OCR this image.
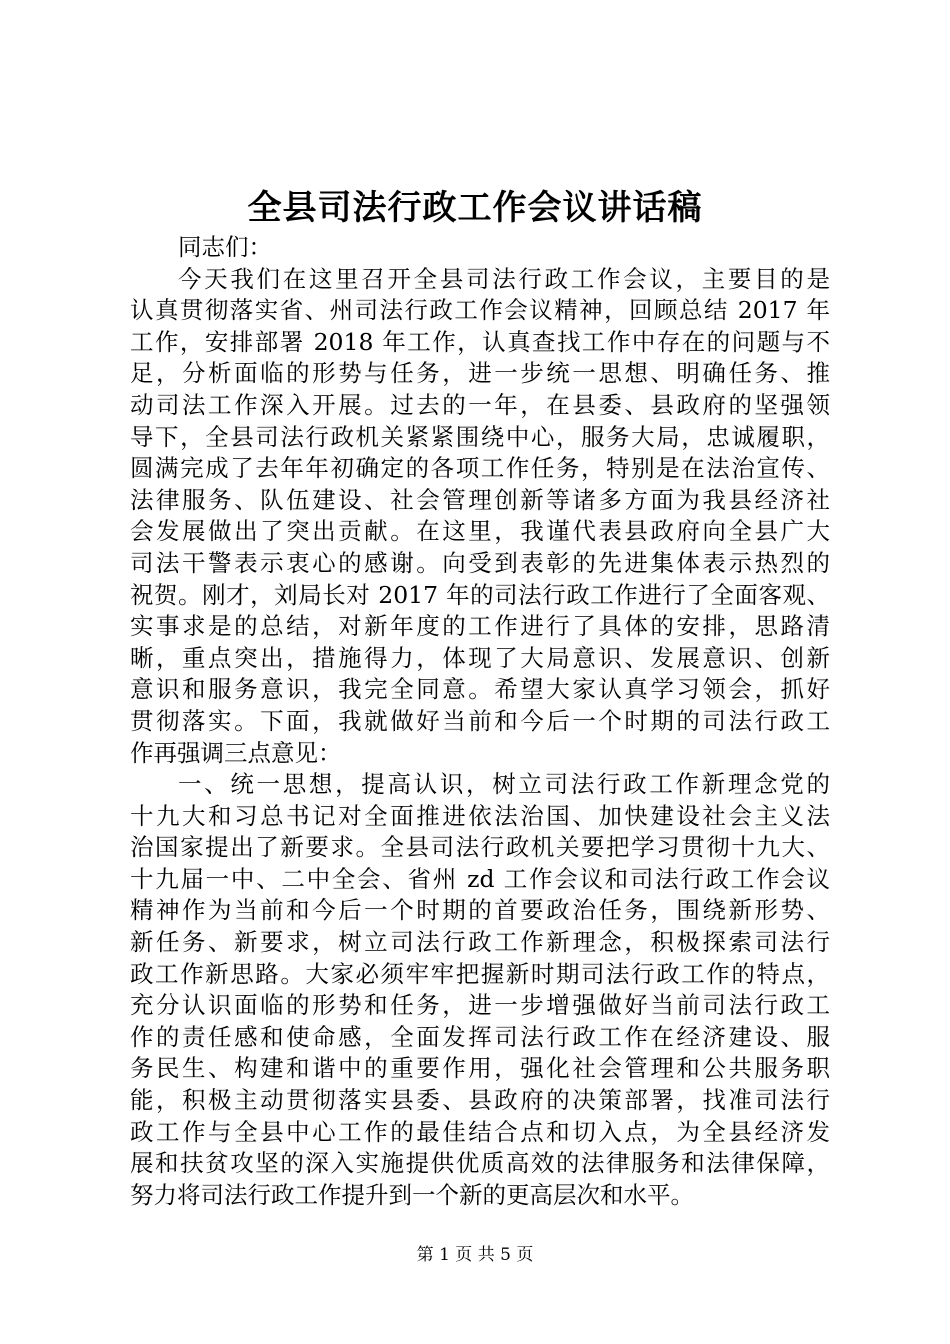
全县司法行政工作会议讲话稿
同志们：
今天我们在这里召开全县司法行政工作会议，主要目的是
认真贯彻落实省、州司法行政工作会议精神，回顾总结 2017 年
工作，安排部署 2018 年工作，认真查找工作中存在的问题与不
足，分析面临的形势与任务，进一步统一思想、明确任务、推
动司法工作深入开展。过去的一年，在县委、县政府的坚强领
导下，全县司法行政机关紧紧围绕中心，服务大局，忠诚履职，
圆满完成了去年年初确定的各项工作任务，特别是在法治宣传、
法律服务、队伍建设、社会管理创新等诸多方面为我县经济社
会发展做出了突出贡献。在这里，我谨代表县政府向全县广大
司法干警表示衷心的感谢。向受到表彰的先进集体表示热烈的
祝贺。刚才，刘局长对 2017 年的司法行政工作进行了全面客观、
实事求是的总结，对新年度的工作进行了具体的安排，思路清
晰，重点突出，措施得力，体现了大局意识、发展意识、创新
意识和服务意识，我完全同意。希望大家认真学习领会，抓好
贯彻落实。下面，我就做好当前和今后一个时期的司法行政工
作再强调三点意见：
一、统一思想，提高认识，树立司法行政工作新理念党的
十九大和习总书记对全面推进依法治国、加快建设社会主义法
治国家提出了新要求。全县司法行政机关要把学习贯彻十九大、
十九届一中、二中全会、省州 zd 工作会议和司法行政工作会议
精神作为当前和今后一个时期的首要政治任务，围绕新形势、
新任务、新要求，树立司法行政工作新理念，积极探索司法行
政工作新思路。大家必须牢牢把握新时期司法行政工作的特点，
充分认识面临的形势和任务，进一步增强做好当前司法行政工
作的责任感和使命感，全面发挥司法行政工作在经济建设、服
务民生、构建和谐中的重要作用，强化社会管理和公共服务职
能，积极主动贯彻落实县委、县政府的决策部署，找准司法行
政工作与全县中心工作的最佳结合点和切入点，为全县经济发
展和扶贫攻坚的深入实施提供优质高效的法律服务和法律保障，
努力将司法行政工作提升到一个新的更高层次和水平。
第 1 页 共 5 页
